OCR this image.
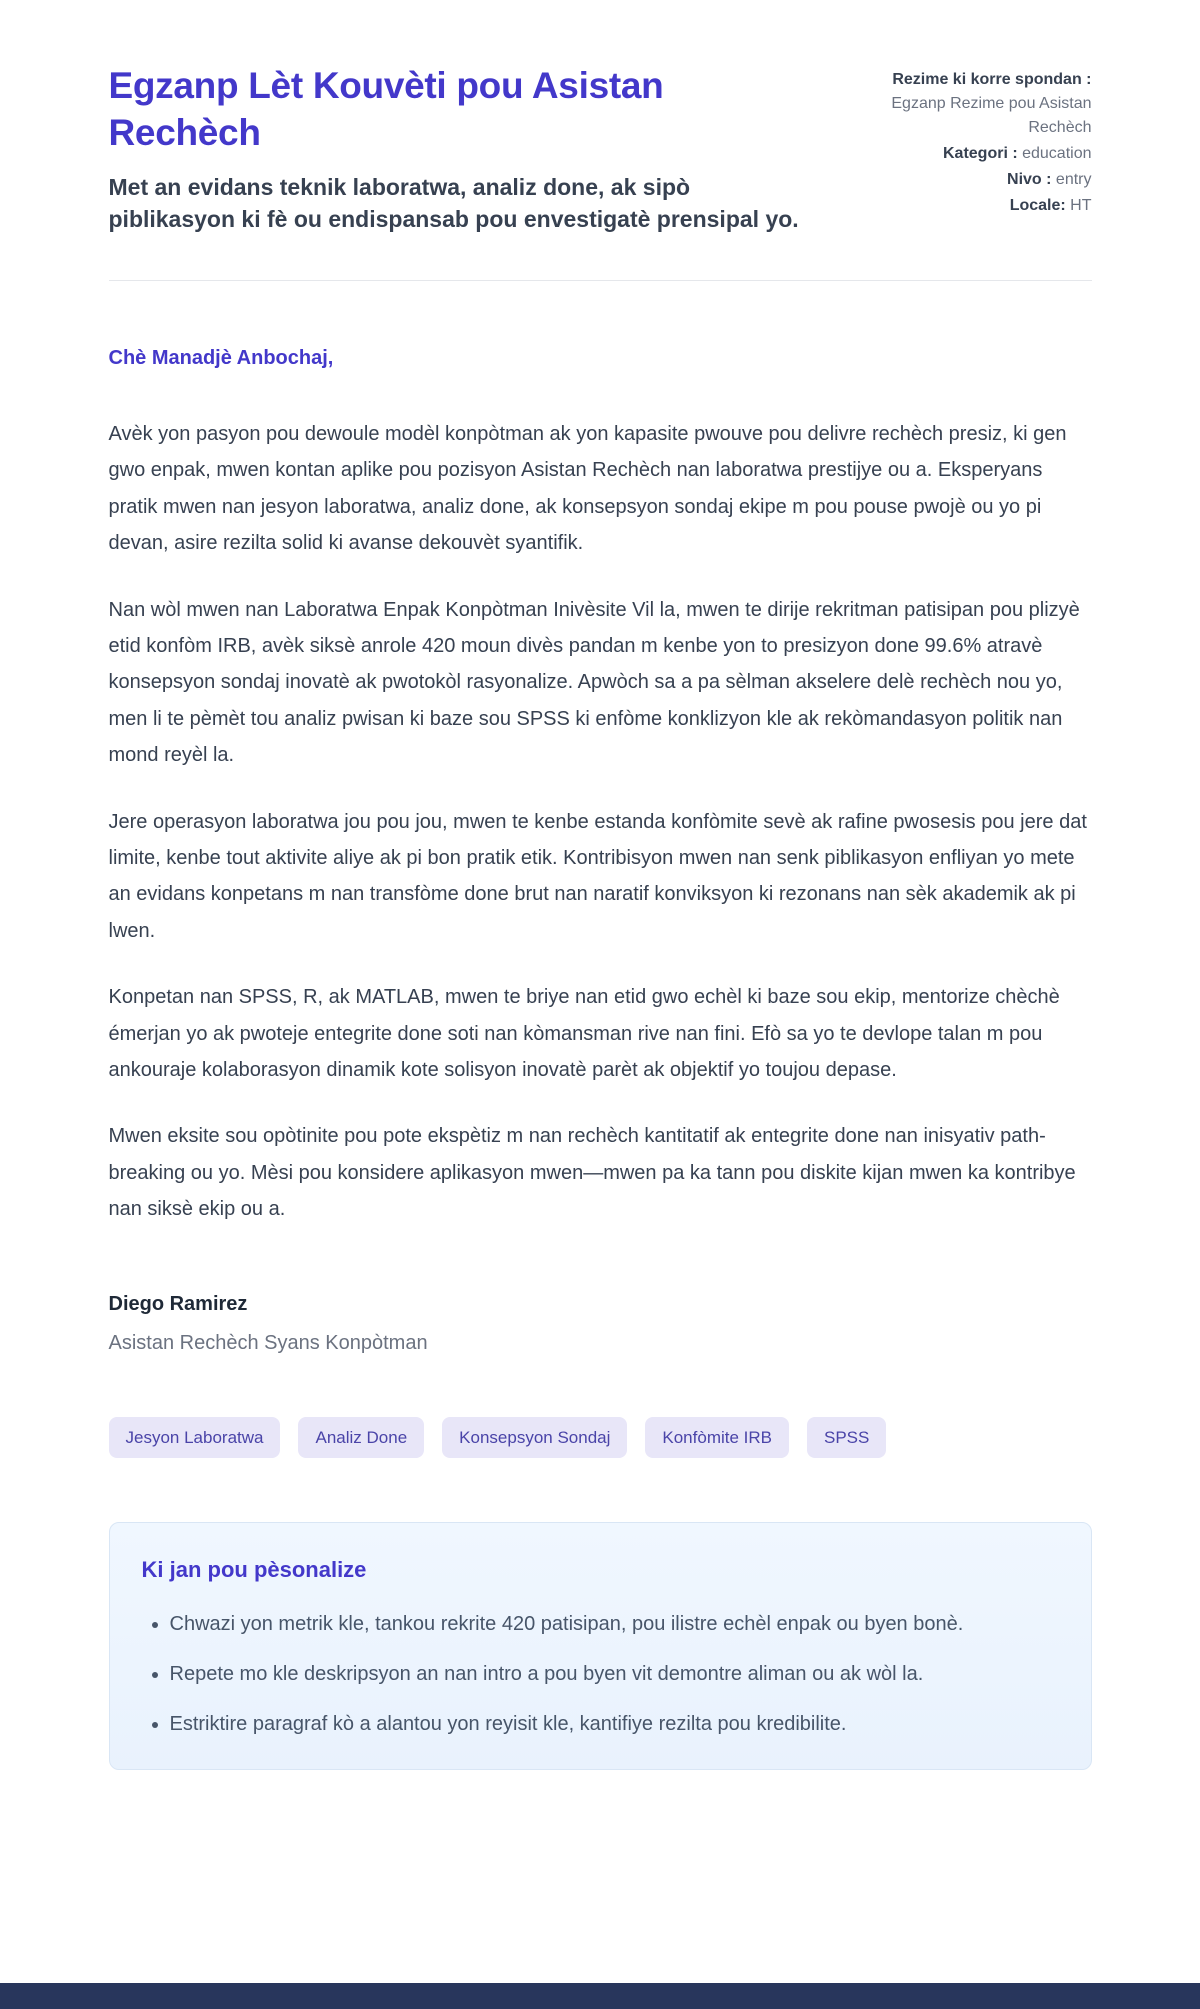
Egzanp Lèt Kouvèti pou Asistan Rechèch

Met an evidans teknik laboratwa, analiz done, ak sipò piblikasyon ki fè ou endispansab pou envestigatè prensipal yo.

Rezime ki korre spondan : Egzanp Rezime pou Asistan Rechèch

Kategori : education

Nivo : entry

Locale: HT

Chè Manadjè Anbochaj,

Avèk yon pasyon pou dewoule modèl konpòtman ak yon kapasite pwouve pou delivre rechèch presiz, ki gen gwo enpak, mwen kontan aplike pou pozisyon Asistan Rechèch nan laboratwa prestijye ou a. Eksperyans pratik mwen nan jesyon laboratwa, analiz done, ak konsepsyon sondaj ekipe m pou pouse pwojè ou yo pi devan, asire rezilta solid ki avanse dekouvèt syantifik.

Nan wòl mwen nan Laboratwa Enpak Konpòtman Inivèsite Vil la, mwen te dirije rekritman patisipan pou plizyè etid konfòm IRB, avèk siksè anrole 420 moun divès pandan m kenbe yon to presizyon done 99.6% atravè konsepsyon sondaj inovatè ak pwotokòl rasyonalize. Apwòch sa a pa sèlman akselere delè rechèch nou yo, men li te pèmèt tou analiz pwisan ki baze sou SPSS ki enfòme konklizyon kle ak rekòmandasyon politik nan mond reyèl la.

Jere operasyon laboratwa jou pou jou, mwen te kenbe estanda konfòmite sevè ak rafine pwosesis pou jere dat limite, kenbe tout aktivite aliye ak pi bon pratik etik. Kontribisyon mwen nan senk piblikasyon enfliyan yo mete an evidans konpetans m nan transfòme done brut nan naratif konviksyon ki rezonans nan sèk akademik ak pi lwen.

Konpetan nan SPSS, R, ak MATLAB, mwen te briye nan etid gwo echèl ki baze sou ekip, mentorize chèchè émerjan yo ak pwoteje entegrite done soti nan kòmansman rive nan fini. Efò sa yo te devlope talan m pou ankouraje kolaborasyon dinamik kote solisyon inovatè parèt ak objektif yo toujou depase.

Mwen eksite sou opòtinite pou pote ekspètiz m nan rechèch kantitatif ak entegrite done nan inisyativ path-breaking ou yo. Mèsi pou konsidere aplikasyon mwen—mwen pa ka tann pou diskite kijan mwen ka kontribye nan siksè ekip ou a.

Diego Ramirez

Asistan Rechèch Syans Konpòtman

Jesyon Laboratwa	Analiz Done	Konsepsyon Sondaj	Konfòmite IRB	SPSS
Ki jan pou pèsonalize
• Chwazi yon metrik kle, tankou rekrite 420 patisipan, pou ilistre echèl enpak ou byen bonè.
• Repete mo kle deskripsyon an nan intro a pou byen vit demontre aliman ou ak wòl la.
• Estriktire paragraf kò a alantou yon reyisit kle, kantifiye rezilta pou kredibilite.
